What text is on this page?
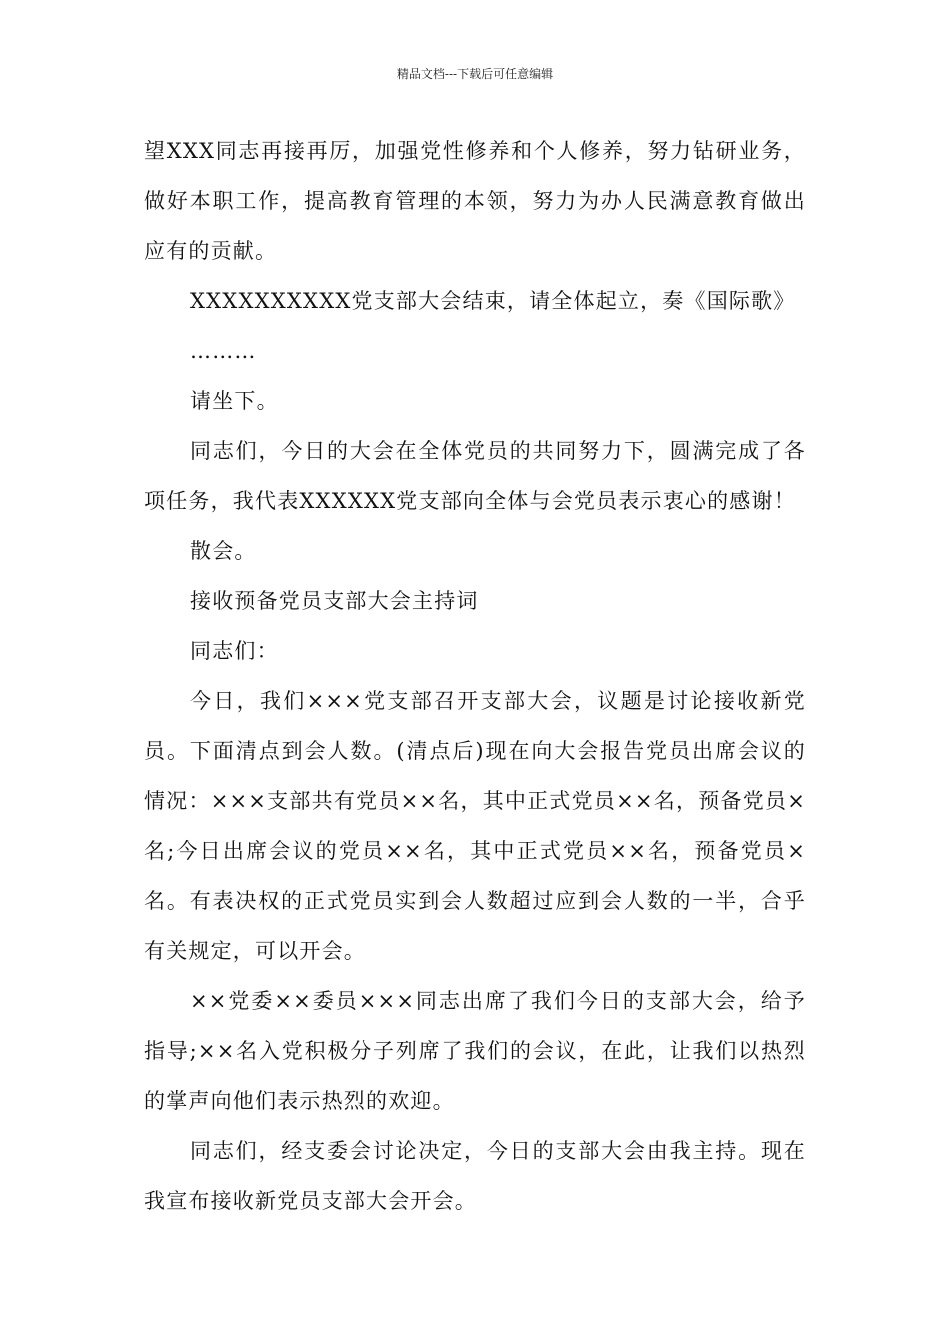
精品文档---下载后可任意编辑

望XXX同志再接再厉，加强党性修养和个人修养，努力钻研业务，做好本职工作，提高教育管理的本领，努力为办人民满意教育做出应有的贡献。

XXXXXXXXXX党支部大会结束，请全体起立，奏《国际歌》

………

请坐下。

同志们，今日的大会在全体党员的共同努力下，圆满完成了各项任务，我代表XXXXXX党支部向全体与会党员表示衷心的感谢！

散会。

接收预备党员支部大会主持词

同志们：

今日，我们×××党支部召开支部大会，议题是讨论接收新党员。下面清点到会人数。(清点后)现在向大会报告党员出席会议的情况：×××支部共有党员××名，其中正式党员××名，预备党员×名;今日出席会议的党员××名，其中正式党员××名，预备党员×名。有表决权的正式党员实到会人数超过应到会人数的一半，合乎有关规定，可以开会。

××党委××委员×××同志出席了我们今日的支部大会，给予指导;××名入党积极分子列席了我们的会议，在此，让我们以热烈的掌声向他们表示热烈的欢迎。

同志们，经支委会讨论决定，今日的支部大会由我主持。现在我宣布接收新党员支部大会开会。
